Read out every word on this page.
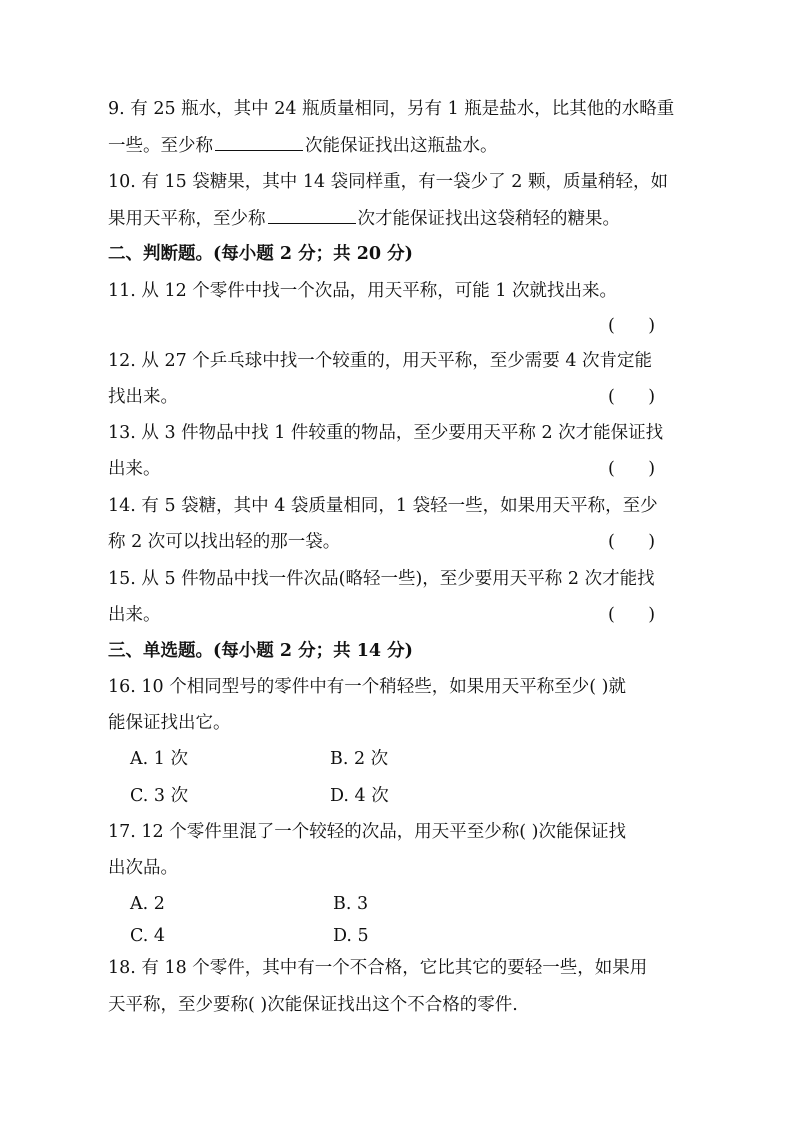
9. 有 25 瓶水，其中 24 瓶质量相同，另有 1 瓶是盐水，比其他的水略重
一些。至少称	次能保证找出这瓶盐水。
10. 有 15 袋糖果，其中 14 袋同样重，有一袋少了 2 颗，质量稍轻，如
果用天平称，至少称	次才能保证找出这袋稍轻的糖果。
二、判断题。(每小题 2 分；共 20 分)
11. 从 12 个零件中找一个次品，用天平称，可能 1 次就找出来。
(      )
12. 从 27 个乒乓球中找一个较重的，用天平称，至少需要 4 次肯定能
找出来。	(      )
13. 从 3 件物品中找 1 件较重的物品，至少要用天平称 2 次才能保证找
出来。	(      )
14. 有 5 袋糖，其中 4 袋质量相同，1 袋轻一些，如果用天平称，至少
称 2 次可以找出轻的那一袋。	(      )
15. 从 5 件物品中找一件次品(略轻一些)，至少要用天平称 2 次才能找
出来。	(      )
三、单选题。(每小题 2 分；共 14 分)
16. 10 个相同型号的零件中有一个稍轻些，如果用天平称至少( )就
能保证找出它。
A. 1 次	B. 2 次
C. 3 次	D. 4 次
17. 12 个零件里混了一个较轻的次品，用天平至少称( )次能保证找
出次品。
A. 2	B. 3
C. 4	D. 5
18. 有 18 个零件，其中有一个不合格，它比其它的要轻一些，如果用
天平称，至少要称( )次能保证找出这个不合格的零件.
